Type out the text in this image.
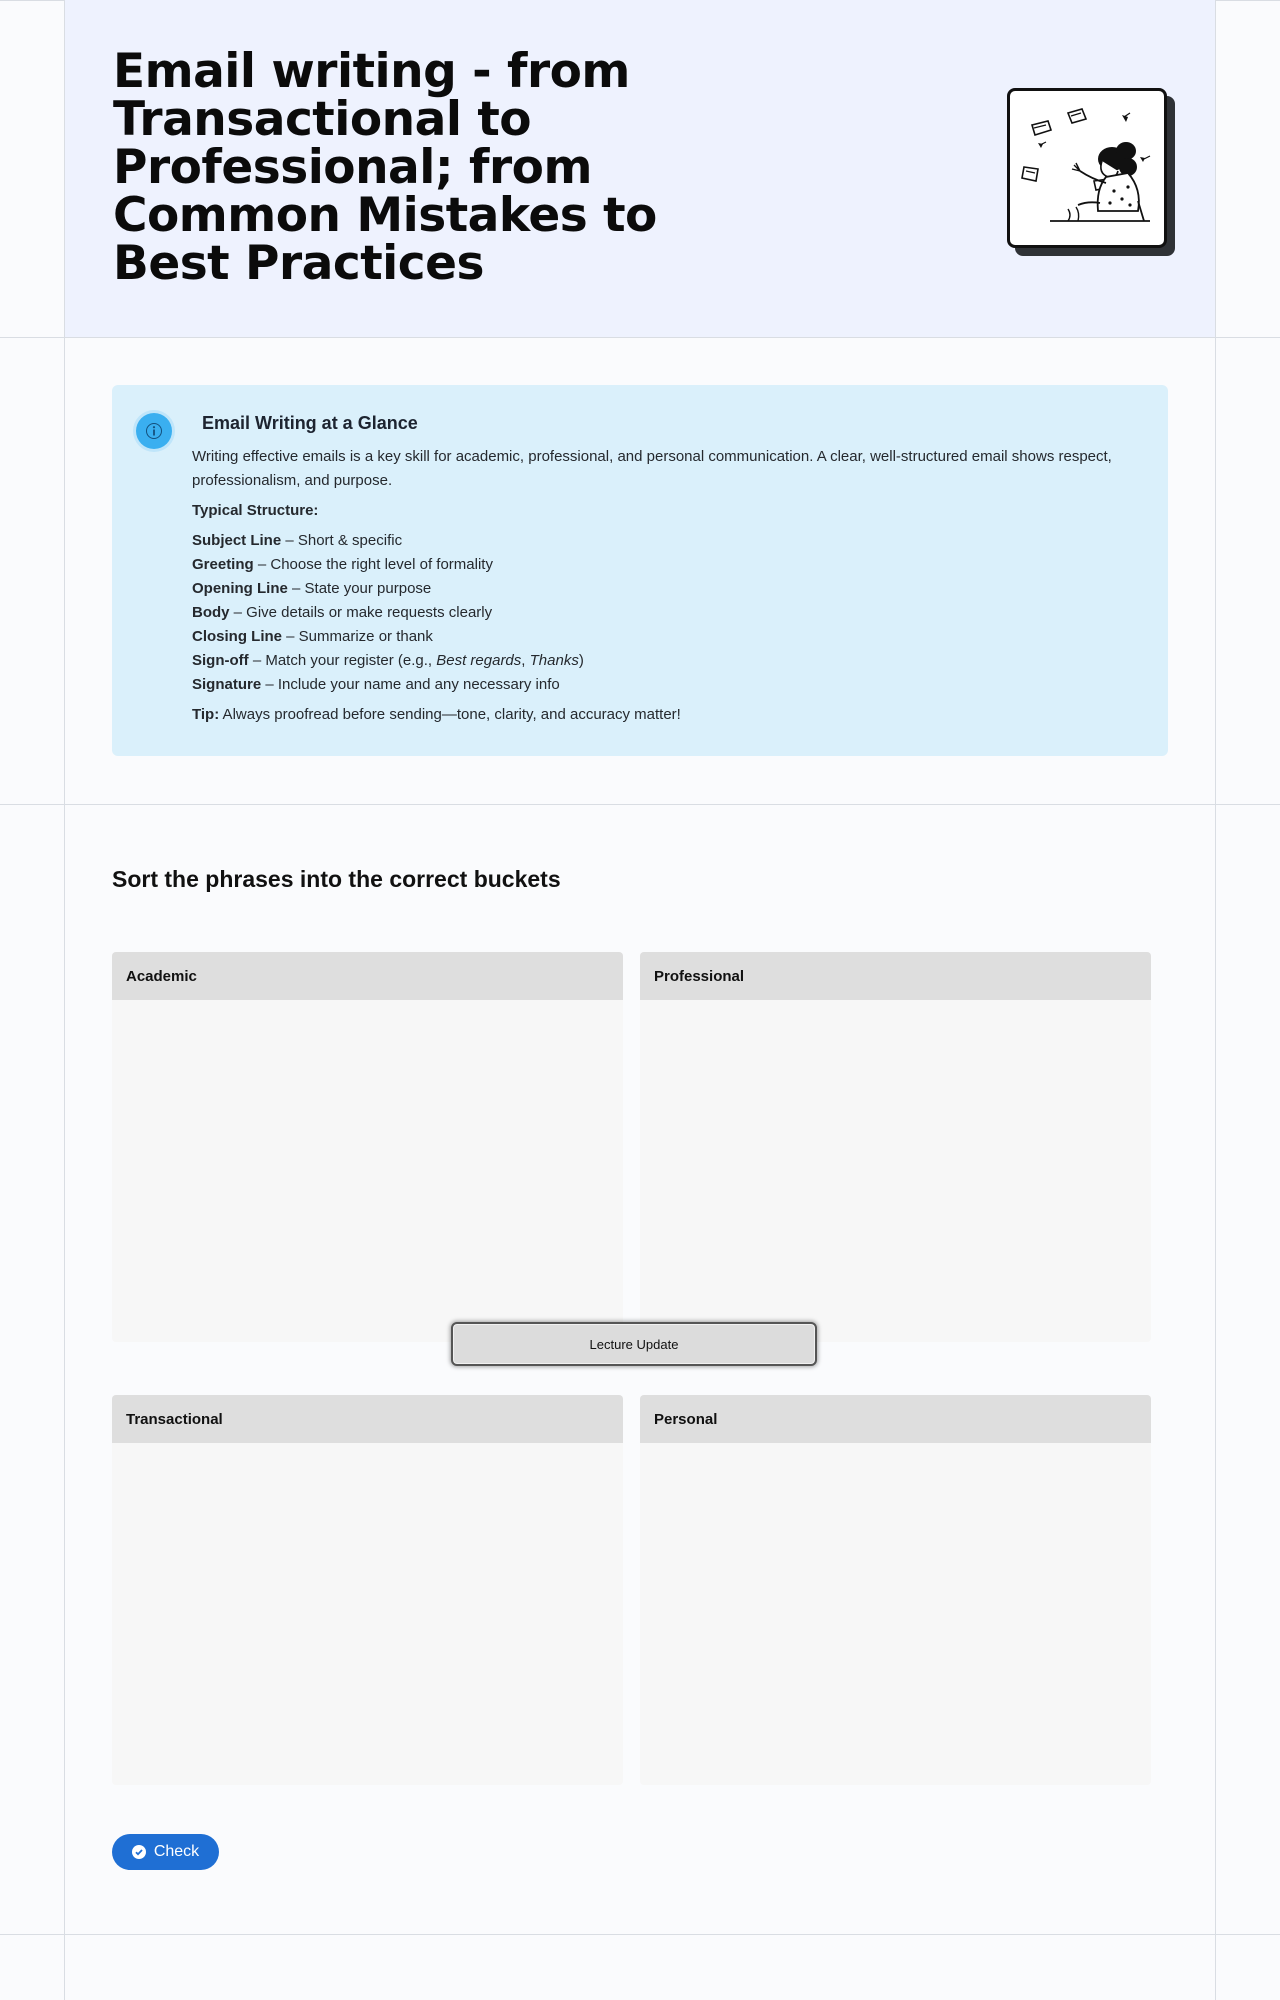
Email writing - from Transactional to Professional; from Common Mistakes to Best Practices
Email Writing at a Glance

Writing effective emails is a key skill for academic, professional, and personal communication. A clear, well-structured email shows respect, professionalism, and purpose.

Typical Structure:

Subject Line – Short & specific
Greeting – Choose the right level of formality
Opening Line – State your purpose
Body – Give details or make requests clearly
Closing Line – Summarize or thank
Sign-off – Match your register (e.g., Best regards, Thanks)
Signature – Include your name and any necessary info

Tip: Always proofread before sending—tone, clarity, and accuracy matter!

Sort the phrases into the correct buckets
Academic	Professional
Transactional	Personal
Lecture Update
Check
